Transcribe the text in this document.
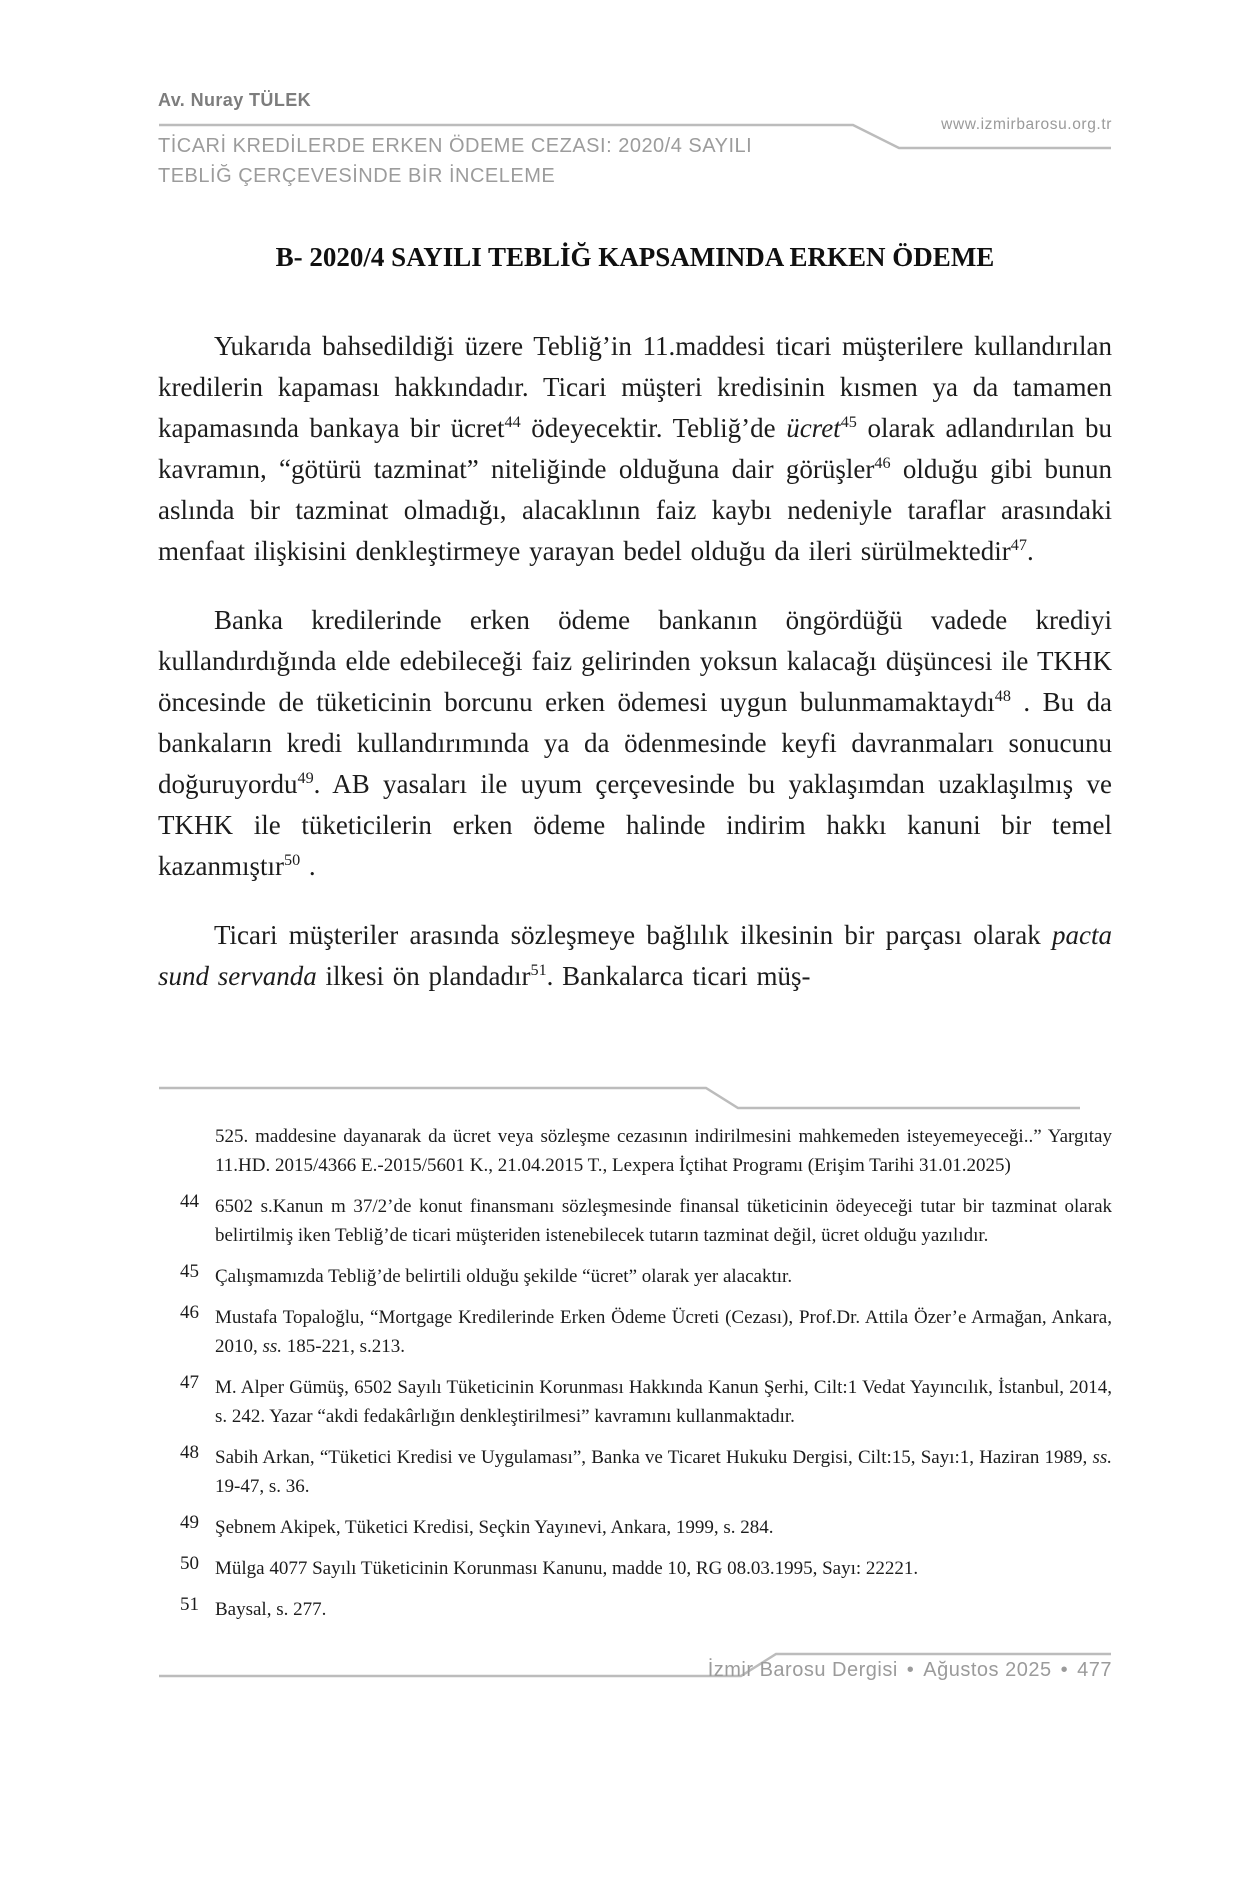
Av. Nuray TÜLEK
www.izmirbarosu.org.tr
TİCARİ KREDİLERDE ERKEN ÖDEME CEZASI: 2020/4 SAYILI
TEBLİĞ ÇERÇEVESİNDE BİR İNCELEME
B- 2020/4 SAYILI TEBLİĞ KAPSAMINDA ERKEN ÖDEME

Yukarıda bahsedildiği üzere Tebliğ’in 11.maddesi ticari müşterilere kullandırılan kredilerin kapaması hakkındadır. Ticari müşteri kredisinin kısmen ya da tamamen kapamasında bankaya bir ücret$^{44}$ ödeyecektir. Tebliğ’de ücret$^{45}$ olarak adlandırılan bu kavramın, “götürü tazminat” niteliğinde olduğuna dair görüşler$^{46}$ olduğu gibi bunun aslında bir tazminat olmadığı, alacaklının faiz kaybı nedeniyle taraflar arasındaki menfaat ilişkisini denkleştirmeye yarayan bedel olduğu da ileri sürülmektedir$^{47}$.

Banka kredilerinde erken ödeme bankanın öngördüğü vadede krediyi kullandırdığında elde edebileceği faiz gelirinden yoksun kalacağı düşüncesi ile TKHK öncesinde de tüketicinin borcunu erken ödemesi uygun bulunmamaktaydı$^{48}$ . Bu da bankaların kredi kullandırımında ya da ödenmesinde keyfi davranmaları sonucunu doğuruyordu$^{49}$. AB yasaları ile uyum çerçevesinde bu yaklaşımdan uzaklaşılmış ve TKHK ile tüketicilerin erken ödeme halinde indirim hakkı kanuni bir temel kazanmıştır$^{50}$ .

Ticari müşteriler arasında sözleşmeye bağlılık ilkesinin bir parçası olarak pacta sund servanda ilkesi ön plandadır$^{51}$. Bankalarca ticari müş-

525. maddesine dayanarak da ücret veya sözleşme cezasının indirilmesini mahkemeden isteyemeyeceği..” Yargıtay 11.HD. 2015/4366 E.-2015/5601 K., 21.04.2015 T., Lexpera İçtihat Programı (Erişim Tarihi 31.01.2025)
44 6502 s.Kanun m 37/2’de konut finansmanı sözleşmesinde finansal tüketicinin ödeyeceği tutar bir tazminat olarak belirtilmiş iken Tebliğ’de ticari müşteriden istenebilecek tutarın tazminat değil, ücret olduğu yazılıdır.
45 Çalışmamızda Tebliğ’de belirtili olduğu şekilde “ücret” olarak yer alacaktır.
46 Mustafa Topaloğlu, “Mortgage Kredilerinde Erken Ödeme Ücreti (Cezası), Prof.Dr. Attila Özer’e Armağan, Ankara, 2010, ss. 185-221, s.213.
47 M. Alper Gümüş, 6502 Sayılı Tüketicinin Korunması Hakkında Kanun Şerhi, Cilt:1 Vedat Yayıncılık, İstanbul, 2014, s. 242. Yazar “akdi fedakârlığın denkleştirilmesi” kavramını kullanmaktadır.
48 Sabih Arkan, “Tüketici Kredisi ve Uygulaması”, Banka ve Ticaret Hukuku Dergisi, Cilt:15, Sayı:1, Haziran 1989, ss. 19-47, s. 36.
49 Şebnem Akipek, Tüketici Kredisi, Seçkin Yayınevi, Ankara, 1999, s. 284.
50 Mülga 4077 Sayılı Tüketicinin Korunması Kanunu, madde 10, RG 08.03.1995, Sayı: 22221.
51 Baysal, s. 277.
İzmir Barosu Dergisi • Ağustos 2025 • 477
